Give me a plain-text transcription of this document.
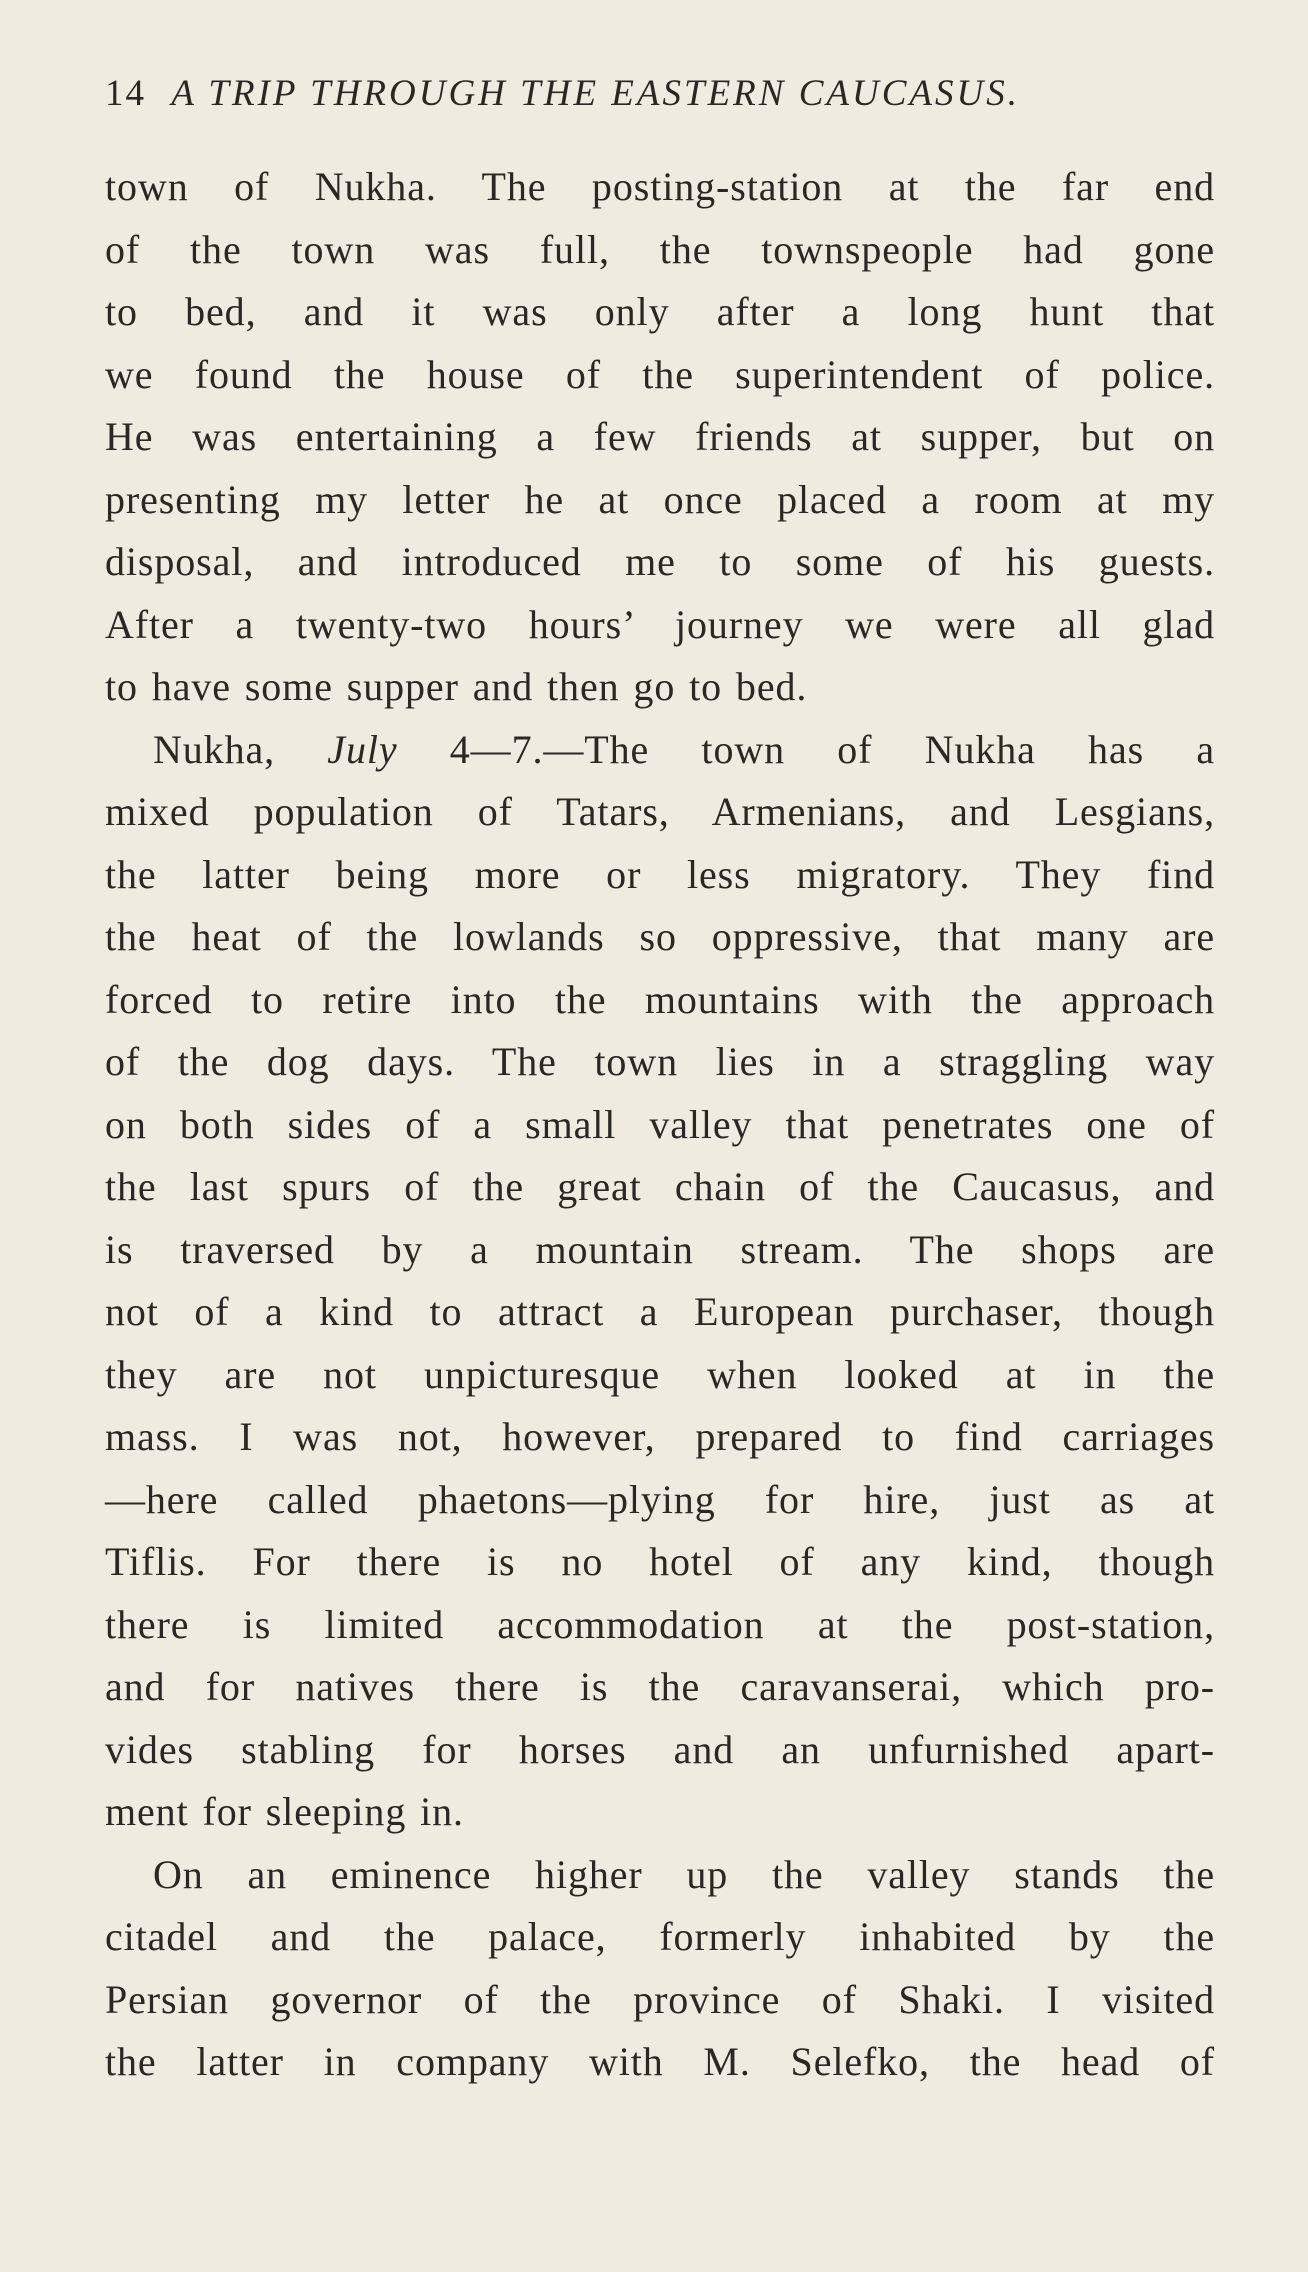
14 A TRIP THROUGH THE EASTERN CAUCASUS.
town of Nukha. The posting-station at the far end
of the town was full, the townspeople had gone
to bed, and it was only after a long hunt that
we found the house of the superintendent of police.
He was entertaining a few friends at supper, but on
presenting my letter he at once placed a room at my
disposal, and introduced me to some of his guests.
After a twenty-two hours’ journey we were all glad
to have some supper and then go to bed.
Nukha, July 4—7.—The town of Nukha has a
mixed population of Tatars, Armenians, and Lesgians,
the latter being more or less migratory. They find
the heat of the lowlands so oppressive, that many are
forced to retire into the mountains with the approach
of the dog days. The town lies in a straggling way
on both sides of a small valley that penetrates one of
the last spurs of the great chain of the Caucasus, and
is traversed by a mountain stream. The shops are
not of a kind to attract a European purchaser, though
they are not unpicturesque when looked at in the
mass. I was not, however, prepared to find carriages
—here called phaetons—plying for hire, just as at
Tiflis. For there is no hotel of any kind, though
there is limited accommodation at the post-station,
and for natives there is the caravanserai, which pro-
vides stabling for horses and an unfurnished apart-
ment for sleeping in.
On an eminence higher up the valley stands the
citadel and the palace, formerly inhabited by the
Persian governor of the province of Shaki. I visited
the latter in company with M. Selefko, the head of
